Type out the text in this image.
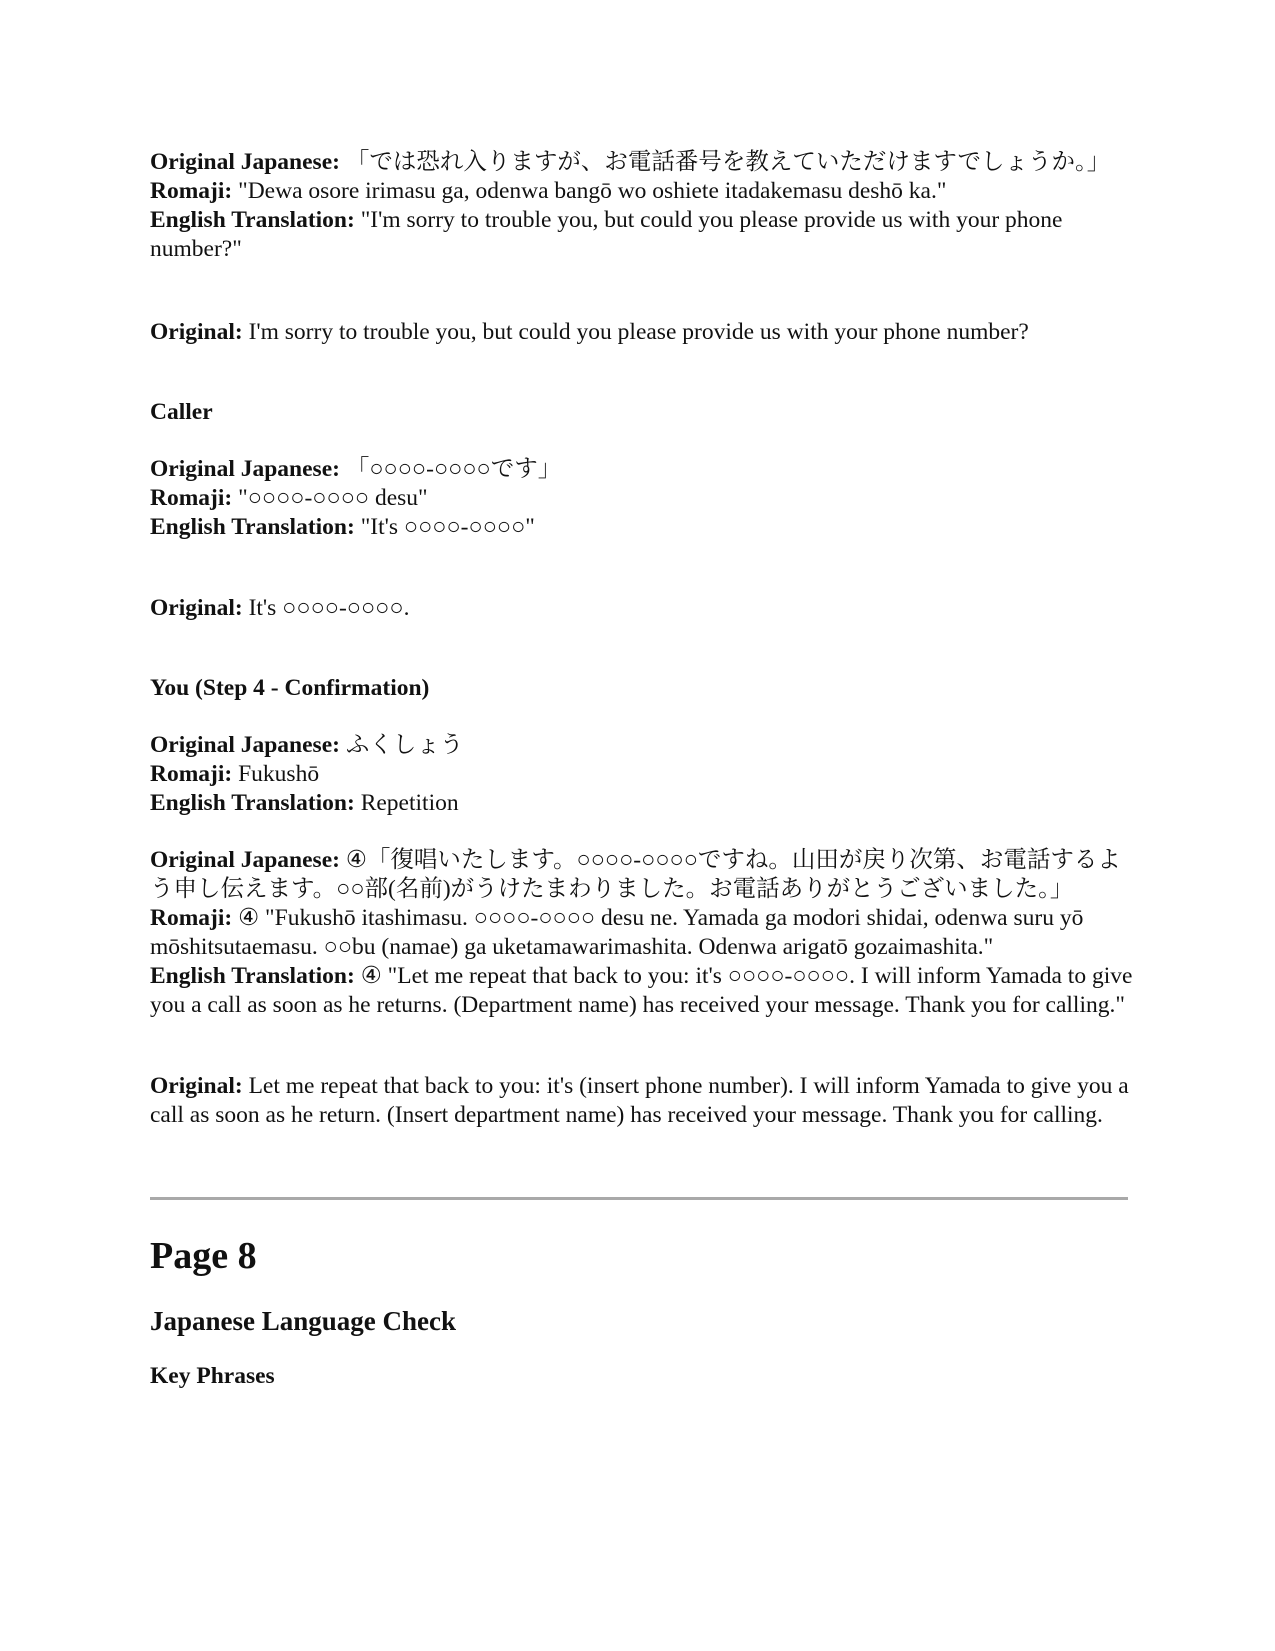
Original Japanese: 「では恐れ入りますが、お電話番号を教えていただけますでしょうか。」

Romaji: "Dewa osore irimasu ga, odenwa bangō wo oshiete itadakemasu deshō ka."

English Translation: "I'm sorry to trouble you, but could you please provide us with your phone number?"

Original: I'm sorry to trouble you, but could you please provide us with your phone number?

Caller

Original Japanese: 「○○○○-○○○○です」

Romaji: "○○○○-○○○○ desu"

English Translation: "It's ○○○○-○○○○"

Original: It's ○○○○-○○○○.

You (Step 4 - Confirmation)

Original Japanese: ふくしょう

Romaji: Fukushō

English Translation: Repetition

Original Japanese: ④「復唱いたします。○○○○-○○○○ですね。山田が戻り次第、お電話するよう申し伝えます。○○部(名前)がうけたまわりました。お電話ありがとうございました。」

Romaji: ④ "Fukushō itashimasu. ○○○○-○○○○ desu ne. Yamada ga modori shidai, odenwa suru yō mōshitsutaemasu. ○○bu (namae) ga uketamawarimashita. Odenwa arigatō gozaimashita."

English Translation: ④ "Let me repeat that back to you: it's ○○○○-○○○○. I will inform Yamada to give you a call as soon as he returns. (Department name) has received your message. Thank you for calling."

Original: Let me repeat that back to you: it's (insert phone number). I will inform Yamada to give you a call as soon as he return. (Insert department name) has received your message. Thank you for calling.

Page 8
Japanese Language Check
Key Phrases
